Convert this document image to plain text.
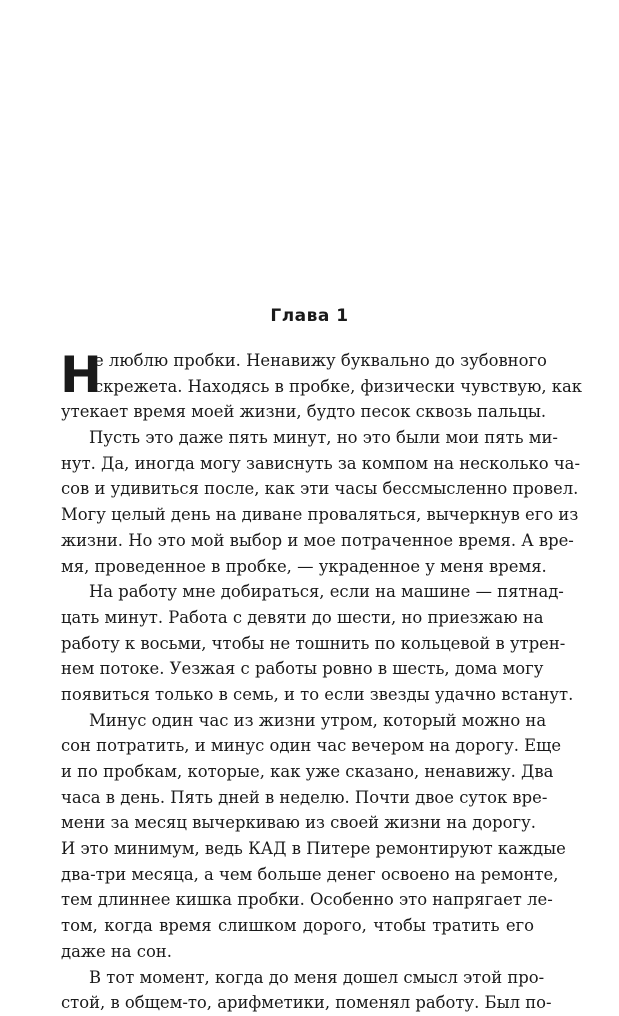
Глава 1
Н
е люблю пробки. Ненавижу буквально до зубовного
скрежета. Находясь в пробке, физически чувствую, как
утекает время моей жизни, будто песок сквозь пальцы.
Пусть это даже пять минут, но это были мои пять ми-
нут. Да, иногда могу зависнуть за компом на несколько ча-
сов и удивиться после, как эти часы бессмысленно провел.
Могу целый день на диване проваляться, вычеркнув его из
жизни. Но это мой выбор и мое потраченное время. А вре-
мя, проведенное в пробке, — украденное у меня время.
На работу мне добираться, если на машине — пятнад-
цать минут. Работа с девяти до шести, но приезжаю на
работу к восьми, чтобы не тошнить по кольцевой в утрен-
нем потоке. Уезжая с работы ровно в шесть, дома могу
появиться только в семь, и то если звезды удачно встанут.
Минус один час из жизни утром, который можно на
сон потратить, и минус один час вечером на дорогу. Еще
и по пробкам, которые, как уже сказано, ненавижу. Два
часа в день. Пять дней в неделю. Почти двое суток вре-
мени за месяц вычеркиваю из своей жизни на дорогу.
И это минимум, ведь КАД в Питере ремонтируют каждые
два-три месяца, а чем больше денег освоено на ремонте,
тем длиннее кишка пробки. Особенно это напрягает ле-
том, когда время слишком дорого, чтобы тратить его
даже на сон.
В тот момент, когда до меня дошел смысл этой про-
стой, в общем-то, арифметики, поменял работу. Был по-
